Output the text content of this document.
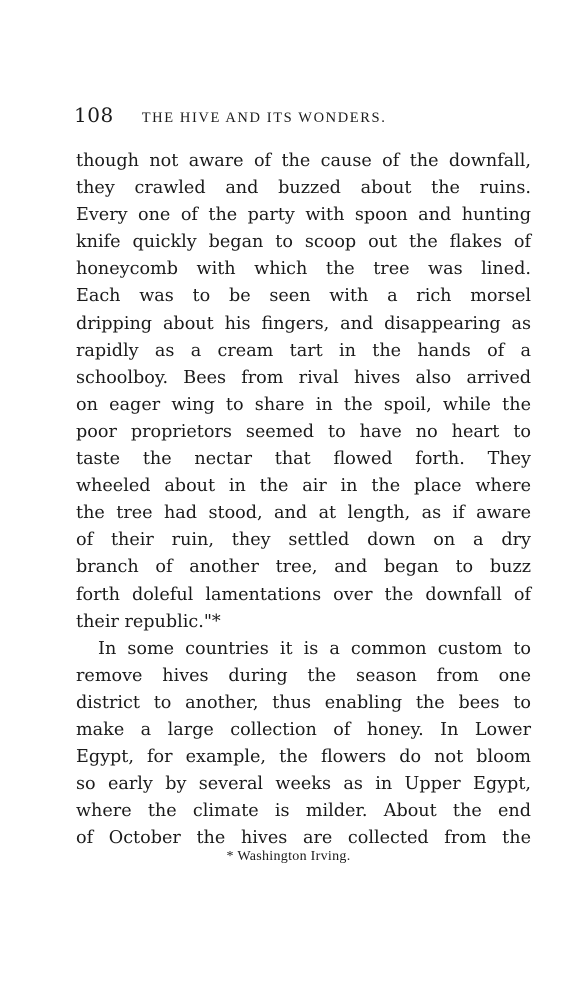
108 THE HIVE AND ITS WONDERS.
though not aware of the cause of the downfall,
they crawled and buzzed about the ruins.
Every one of the party with spoon and hunting
knife quickly began to scoop out the flakes of
honeycomb with which the tree was lined.
Each was to be seen with a rich morsel
dripping about his fingers, and disappearing as
rapidly as a cream tart in the hands of a
schoolboy. Bees from rival hives also arrived
on eager wing to share in the spoil, while the
poor proprietors seemed to have no heart to
taste the nectar that flowed forth. They
wheeled about in the air in the place where
the tree had stood, and at length, as if aware
of their ruin, they settled down on a dry
branch of another tree, and began to buzz
forth doleful lamentations over the downfall of
their republic."*
In some countries it is a common custom to
remove hives during the season from one
district to another, thus enabling the bees to
make a large collection of honey. In Lower
Egypt, for example, the flowers do not bloom
so early by several weeks as in Upper Egypt,
where the climate is milder. About the end
of October the hives are collected from the
* Washington Irving.
